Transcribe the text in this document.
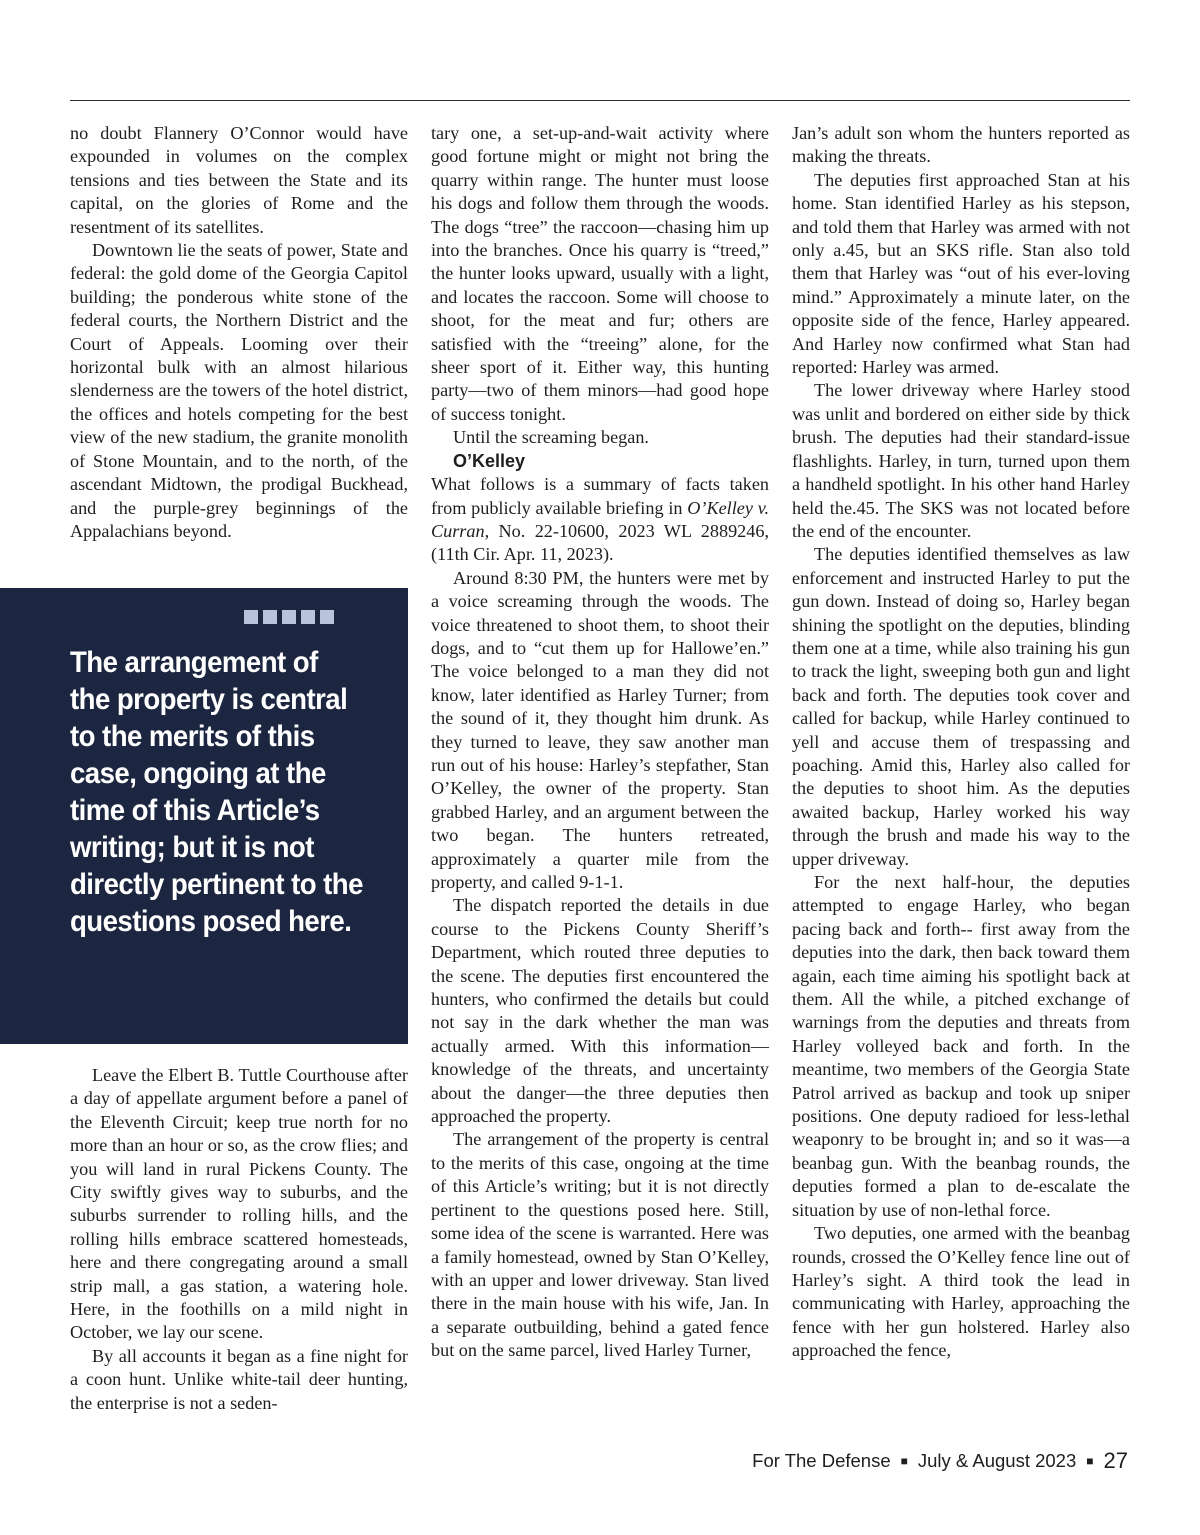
no doubt Flannery O’Connor would have expounded in volumes on the complex tensions and ties between the State and its capital, on the glories of Rome and the resentment of its satellites.

Downtown lie the seats of power, State and federal: the gold dome of the Georgia Capitol building; the ponderous white stone of the federal courts, the Northern District and the Court of Appeals. Looming over their horizontal bulk with an almost hilarious slenderness are the towers of the hotel district, the offices and hotels competing for the best view of the new stadium, the granite monolith of Stone Mountain, and to the north, of the ascendant Midtown, the prodigal Buckhead, and the purple-grey beginnings of the Appalachians beyond.

The arrangement of the property is central to the merits of this case, ongoing at the time of this Article’s writing; but it is not directly pertinent to the questions posed here.

Leave the Elbert B. Tuttle Courthouse after a day of appellate argument before a panel of the Eleventh Circuit; keep true north for no more than an hour or so, as the crow flies; and you will land in rural Pickens County. The City swiftly gives way to suburbs, and the suburbs surrender to rolling hills, and the rolling hills embrace scattered homesteads, here and there congregating around a small strip mall, a gas station, a watering hole. Here, in the foothills on a mild night in October, we lay our scene.

By all accounts it began as a fine night for a coon hunt. Unlike white-tail deer hunting, the enterprise is not a seden-

tary one, a set-up-and-wait activity where good fortune might or might not bring the quarry within range. The hunter must loose his dogs and follow them through the woods. The dogs “tree” the raccoon—chasing him up into the branches. Once his quarry is “treed,” the hunter looks upward, usually with a light, and locates the raccoon. Some will choose to shoot, for the meat and fur; others are satisfied with the “treeing” alone, for the sheer sport of it. Either way, this hunting party—two of them minors—had good hope of success tonight.

Until the screaming began.

O’Kelley

What follows is a summary of facts taken from publicly available briefing in O’Kelley v. Curran, No. 22-10600, 2023 WL 2889246, (11th Cir. Apr. 11, 2023).

Around 8:30 PM, the hunters were met by a voice screaming through the woods. The voice threatened to shoot them, to shoot their dogs, and to “cut them up for Hallowe’en.” The voice belonged to a man they did not know, later identified as Harley Turner; from the sound of it, they thought him drunk. As they turned to leave, they saw another man run out of his house: Harley’s stepfather, Stan O’Kelley, the owner of the property. Stan grabbed Harley, and an argument between the two began. The hunters retreated, approximately a quarter mile from the property, and called 9-1-1.

The dispatch reported the details in due course to the Pickens County Sheriff’s Department, which routed three deputies to the scene. The deputies first encountered the hunters, who confirmed the details but could not say in the dark whether the man was actually armed. With this information—knowledge of the threats, and uncertainty about the danger—the three deputies then approached the property.

The arrangement of the property is central to the merits of this case, ongoing at the time of this Article’s writing; but it is not directly pertinent to the questions posed here. Still, some idea of the scene is warranted. Here was a family homestead, owned by Stan O’Kelley, with an upper and lower driveway. Stan lived there in the main house with his wife, Jan. In a separate outbuilding, behind a gated fence but on the same parcel, lived Harley Turner,

Jan’s adult son whom the hunters reported as making the threats.

The deputies first approached Stan at his home. Stan identified Harley as his stepson, and told them that Harley was armed with not only a.45, but an SKS rifle. Stan also told them that Harley was “out of his ever-loving mind.” Approximately a minute later, on the opposite side of the fence, Harley appeared. And Harley now confirmed what Stan had reported: Harley was armed.

The lower driveway where Harley stood was unlit and bordered on either side by thick brush. The deputies had their standard-issue flashlights. Harley, in turn, turned upon them a handheld spotlight. In his other hand Harley held the.45. The SKS was not located before the end of the encounter.

The deputies identified themselves as law enforcement and instructed Harley to put the gun down. Instead of doing so, Harley began shining the spotlight on the deputies, blinding them one at a time, while also training his gun to track the light, sweeping both gun and light back and forth. The deputies took cover and called for backup, while Harley continued to yell and accuse them of trespassing and poaching. Amid this, Harley also called for the deputies to shoot him. As the deputies awaited backup, Harley worked his way through the brush and made his way to the upper driveway.

For the next half-hour, the deputies attempted to engage Harley, who began pacing back and forth-- first away from the deputies into the dark, then back toward them again, each time aiming his spotlight back at them. All the while, a pitched exchange of warnings from the deputies and threats from Harley volleyed back and forth. In the meantime, two members of the Georgia State Patrol arrived as backup and took up sniper positions. One deputy radioed for less-lethal weaponry to be brought in; and so it was—a beanbag gun. With the beanbag rounds, the deputies formed a plan to de-escalate the situation by use of non-lethal force.

Two deputies, one armed with the beanbag rounds, crossed the O’Kelley fence line out of Harley’s sight. A third took the lead in communicating with Harley, approaching the fence with her gun holstered. Harley also approached the fence,

For The Defense ■ July & August 2023 ■ 27
